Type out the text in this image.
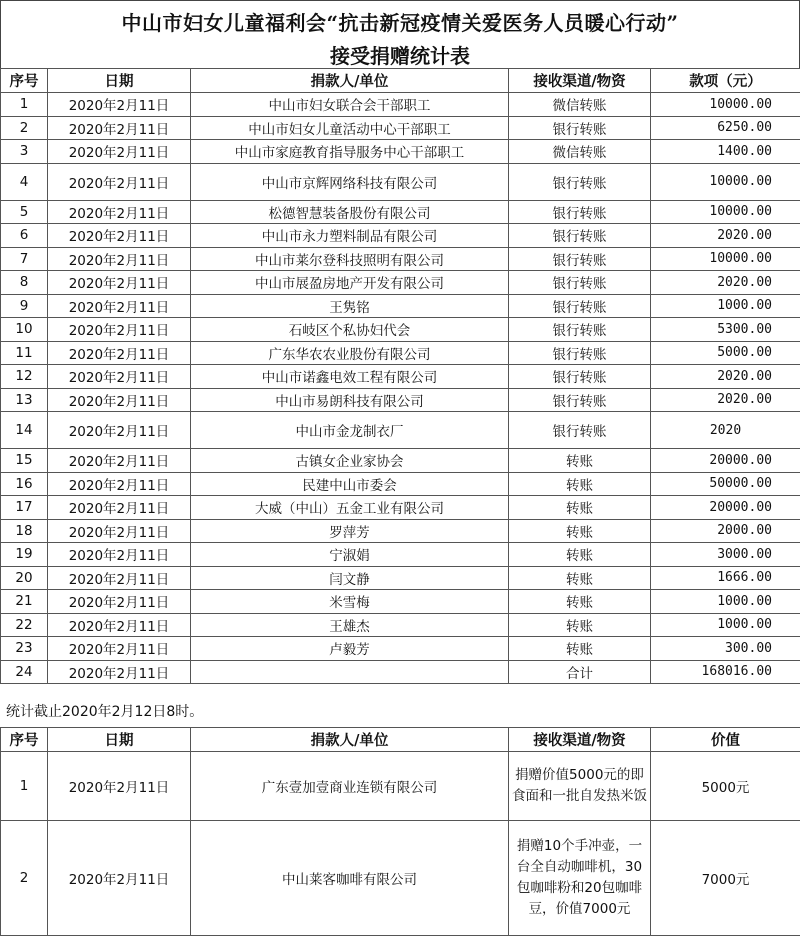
中山市妇女儿童福利会“抗击新冠疫情关爱医务人员暖心行动”
接受捐赠统计表
序号	日期	捐款人/单位	接收渠道/物资	款项（元）
1	2020年2月11日	中山市妇女联合会干部职工	微信转账	10000.00
2	2020年2月11日	中山市妇女儿童活动中心干部职工	银行转账	6250.00
3	2020年2月11日	中山市家庭教育指导服务中心干部职工	微信转账	1400.00
4	2020年2月11日	中山市京辉网络科技有限公司	银行转账	10000.00
5	2020年2月11日	松德智慧装备股份有限公司	银行转账	10000.00
6	2020年2月11日	中山市永力塑料制品有限公司	银行转账	2020.00
7	2020年2月11日	中山市莱尔登科技照明有限公司	银行转账	10000.00
8	2020年2月11日	中山市展盈房地产开发有限公司	银行转账	2020.00
9	2020年2月11日	王隽铭	银行转账	1000.00
10	2020年2月11日	石岐区个私协妇代会	银行转账	5300.00
11	2020年2月11日	广东华农农业股份有限公司	银行转账	5000.00
12	2020年2月11日	中山市诺鑫电效工程有限公司	银行转账	2020.00
13	2020年2月11日	中山市易朗科技有限公司	银行转账	2020.00
14	2020年2月11日	中山市金龙制衣厂	银行转账	2020
15	2020年2月11日	古镇女企业家协会	转账	20000.00
16	2020年2月11日	民建中山市委会	转账	50000.00
17	2020年2月11日	大威（中山）五金工业有限公司	转账	20000.00
18	2020年2月11日	罗萍芳	转账	2000.00
19	2020年2月11日	宁淑娟	转账	3000.00
20	2020年2月11日	闫文静	转账	1666.00
21	2020年2月11日	米雪梅	转账	1000.00
22	2020年2月11日	王雄杰	转账	1000.00
23	2020年2月11日	卢毅芳	转账	300.00
24	2020年2月11日		合计	168016.00
统计截止2020年2月12日8时。
序号	日期	捐款人/单位	接收渠道/物资	价值
1	2020年2月11日	广东壹加壹商业连锁有限公司	捐赠价值5000元的即食面和一批自发热米饭	5000元
2	2020年2月11日	中山莱客咖啡有限公司	捐赠10个手冲壶，一台全自动咖啡机，30包咖啡粉和20包咖啡豆，价值7000元	7000元
